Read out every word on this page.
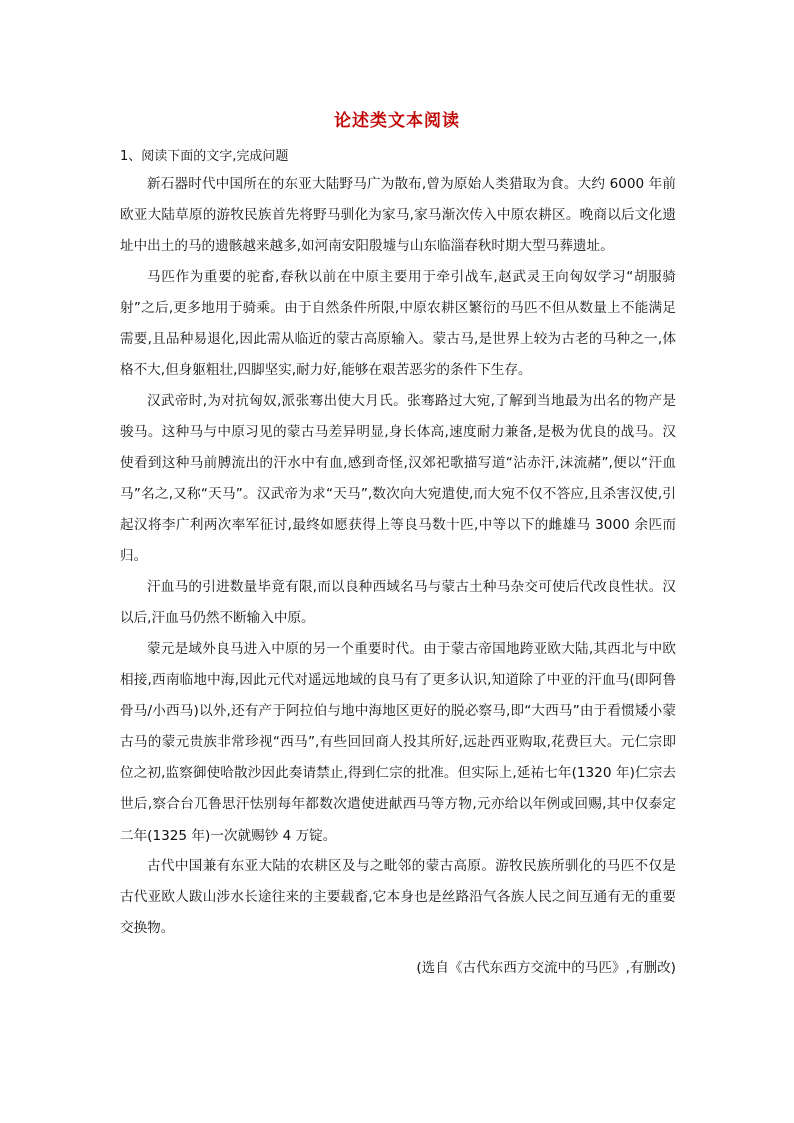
论述类文本阅读
1、阅读下面的文字,完成问题

新石器时代中国所在的东亚大陆野马广为散布,曾为原始人类猎取为食。大约 6000 年前欧亚大陆草原的游牧民族首先将野马驯化为家马,家马渐次传入中原农耕区。晚商以后文化遗址中出土的马的遗骸越来越多,如河南安阳殷墟与山东临淄春秋时期大型马葬遗址。

马匹作为重要的驼畜,春秋以前在中原主要用于牵引战车,赵武灵王向匈奴学习“胡服骑射”之后,更多地用于骑乘。由于自然条件所限,中原农耕区繁衍的马匹不但从数量上不能满足需要,且品种易退化,因此需从临近的蒙古高原输入。蒙古马,是世界上较为古老的马种之一,体格不大,但身躯粗壮,四脚坚实,耐力好,能够在艰苦恶劣的条件下生存。

汉武帝时,为对抗匈奴,派张骞出使大月氏。张骞路过大宛,了解到当地最为出名的物产是骏马。这种马与中原习见的蒙古马差异明显,身长体高,速度耐力兼备,是极为优良的战马。汉使看到这种马前膊流出的汗水中有血,感到奇怪,汉郊祀歌描写道“沾赤汗,沫流赭”,便以“汗血马”名之,又称“天马”。汉武帝为求“天马”,数次向大宛遣使,而大宛不仅不答应,且杀害汉使,引起汉将李广利两次率军征讨,最终如愿获得上等良马数十匹,中等以下的雌雄马 3000 余匹而归。

汗血马的引进数量毕竟有限,而以良种西域名马与蒙古土种马杂交可使后代改良性状。汉以后,汗血马仍然不断输入中原。

蒙元是域外良马进入中原的另一个重要时代。由于蒙古帝国地跨亚欧大陆,其西北与中欧相接,西南临地中海,因此元代对遥远地域的良马有了更多认识,知道除了中亚的汗血马(即阿鲁骨马/小西马)以外,还有产于阿拉伯与地中海地区更好的脱必察马,即“大西马”由于看惯矮小蒙古马的蒙元贵族非常珍视“西马”,有些回回商人投其所好,远赴西亚购取,花费巨大。元仁宗即位之初,监察御使哈散沙因此奏请禁止,得到仁宗的批准。但实际上,延祐七年(1320 年)仁宗去世后,察合台兀鲁思汗怯别每年都数次遣使进献西马等方物,元亦给以年例或回赐,其中仅泰定二年(1325 年)一次就赐钞 4 万锭。

古代中国兼有东亚大陆的农耕区及与之毗邻的蒙古高原。游牧民族所驯化的马匹不仅是古代亚欧人跋山涉水长途往来的主要载畜,它本身也是丝路沿气各族人民之间互通有无的重要交换物。

(选自《古代东西方交流中的马匹》,有删改)
